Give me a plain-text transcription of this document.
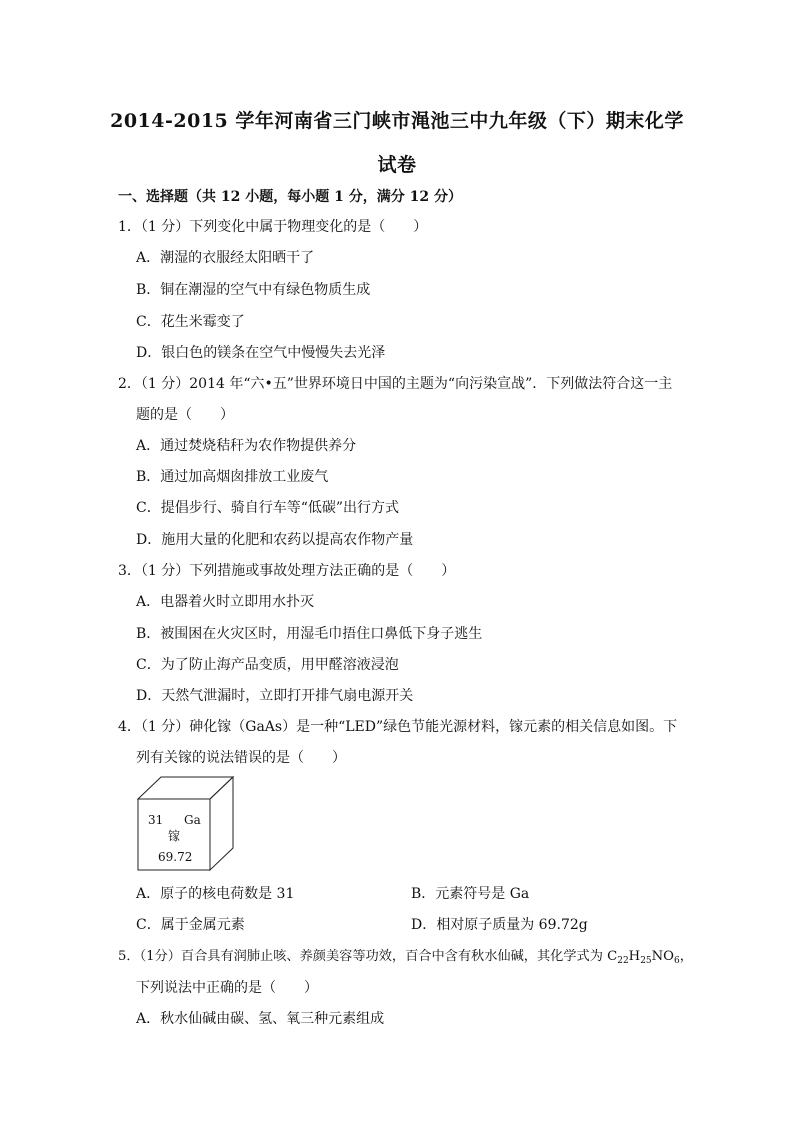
2014-2015 学年河南省三门峡市渑池三中九年级（下）期末化学
试卷
一、选择题（共 12 小题，每小题 1 分，满分 12 分）
1．（1 分）下列变化中属于物理变化的是（　　）
A．潮湿的衣服经太阳晒干了
B．铜在潮湿的空气中有绿色物质生成
C．花生米霉变了
D．银白色的镁条在空气中慢慢失去光泽
2．（1 分）2014 年“六•五”世界环境日中国的主题为“向污染宣战”．下列做法符合这一主
题的是（　　）
A．通过焚烧秸秆为农作物提供养分
B．通过加高烟囱排放工业废气
C．提倡步行、骑自行车等“低碳”出行方式
D．施用大量的化肥和农药以提高农作物产量
3．（1 分）下列措施或事故处理方法正确的是（　　）
A．电器着火时立即用水扑灭
B．被围困在火灾区时，用湿毛巾捂住口鼻低下身子逃生
C．为了防止海产品变质，用甲醛溶液浸泡
D．天然气泄漏时，立即打开排气扇电源开关
4．（1 分）砷化镓（GaAs）是一种“LED”绿色节能光源材料，镓元素的相关信息如图。下
列有关镓的说法错误的是（　　）
31 Ga
镓
69.72
A．原子的核电荷数是 31	B．元素符号是 Ga
C．属于金属元素	D．相对原子质量为 69.72g
5．（1分）百合具有润肺止咳、养颜美容等功效，百合中含有秋水仙碱，其化学式为 $C_{22}H_{25}NO_6$，
下列说法中正确的是（　　）
A．秋水仙碱由碳、氢、氧三种元素组成
